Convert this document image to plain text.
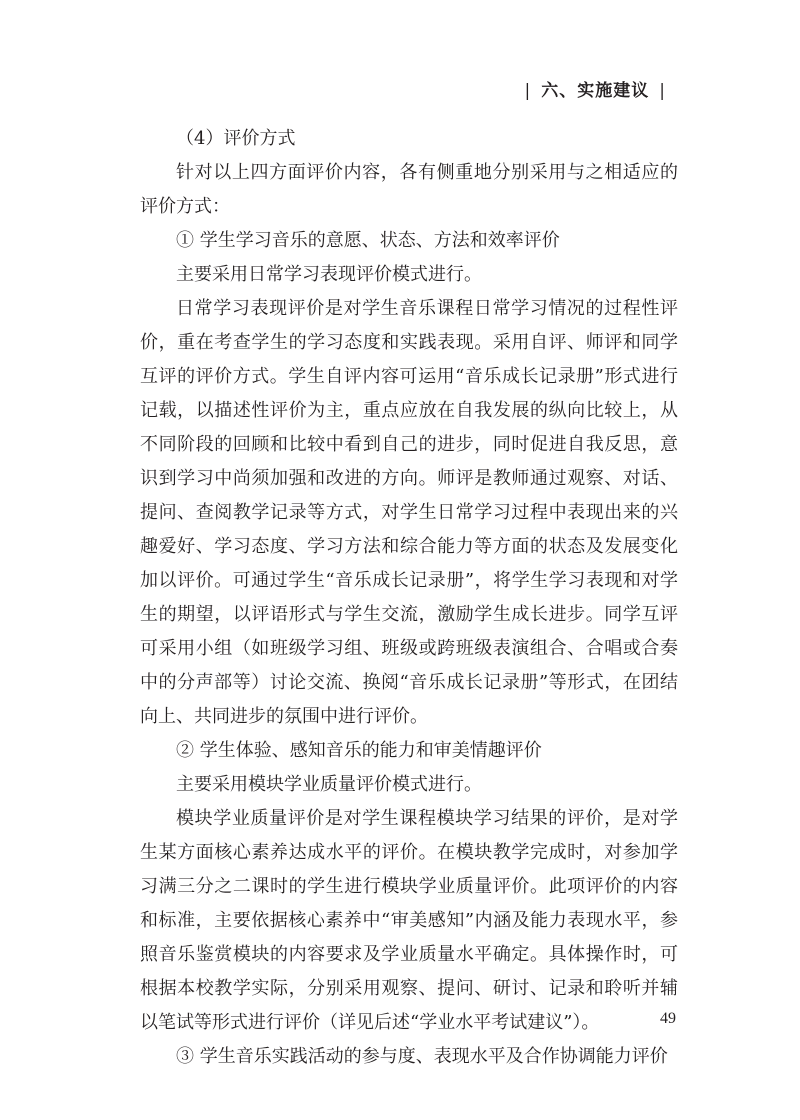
| 六、实施建议 |

（4）评价方式

针对以上四方面评价内容，各有侧重地分别采用与之相适应的评价方式：

① 学生学习音乐的意愿、状态、方法和效率评价

主要采用日常学习表现评价模式进行。

日常学习表现评价是对学生音乐课程日常学习情况的过程性评价，重在考查学生的学习态度和实践表现。采用自评、师评和同学互评的评价方式。学生自评内容可运用“音乐成长记录册”形式进行记载，以描述性评价为主，重点应放在自我发展的纵向比较上，从不同阶段的回顾和比较中看到自己的进步，同时促进自我反思，意识到学习中尚须加强和改进的方向。师评是教师通过观察、对话、提问、查阅教学记录等方式，对学生日常学习过程中表现出来的兴趣爱好、学习态度、学习方法和综合能力等方面的状态及发展变化加以评价。可通过学生“音乐成长记录册”，将学生学习表现和对学生的期望，以评语形式与学生交流，激励学生成长进步。同学互评可采用小组（如班级学习组、班级或跨班级表演组合、合唱或合奏中的分声部等）讨论交流、换阅“音乐成长记录册”等形式，在团结向上、共同进步的氛围中进行评价。

② 学生体验、感知音乐的能力和审美情趣评价

主要采用模块学业质量评价模式进行。

模块学业质量评价是对学生课程模块学习结果的评价，是对学生某方面核心素养达成水平的评价。在模块教学完成时，对参加学习满三分之二课时的学生进行模块学业质量评价。此项评价的内容和标准，主要依据核心素养中“审美感知”内涵及能力表现水平，参照音乐鉴赏模块的内容要求及学业质量水平确定。具体操作时，可根据本校教学实际，分别采用观察、提问、研讨、记录和聆听并辅以笔试等形式进行评价（详见后述“学业水平考试建议”）。

③ 学生音乐实践活动的参与度、表现水平及合作协调能力评价

49
